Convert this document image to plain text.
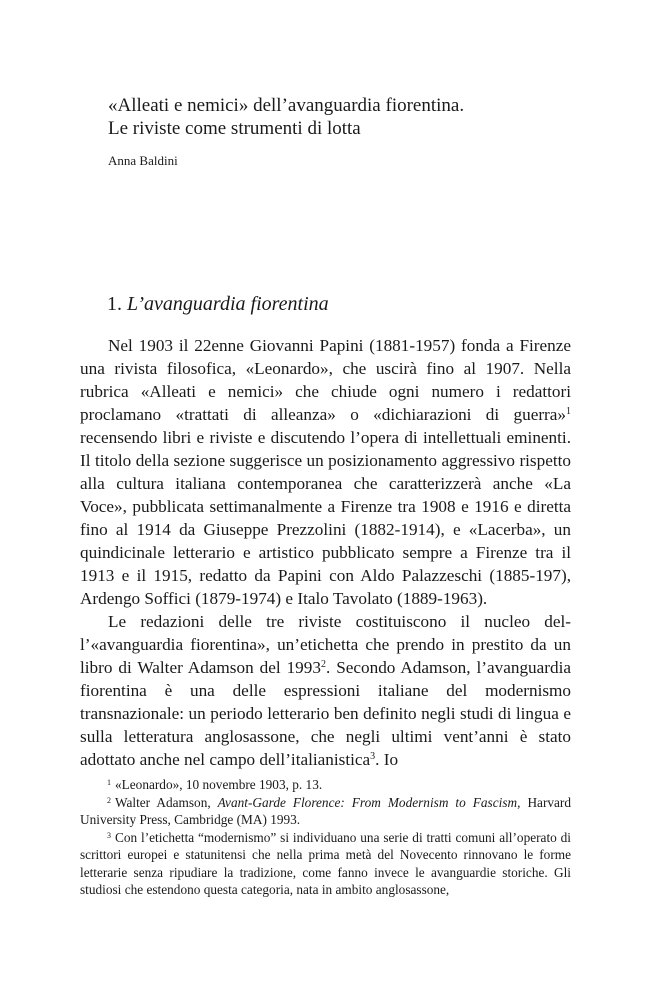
«Alleati e nemici» dell’avanguardia fiorentina.
Le riviste come strumenti di lotta
Anna Baldini
1. L’avanguardia fiorentina

Nel 1903 il 22enne Giovanni Papini (1881-1957) fonda a Firenze una rivista filosofica, «Leonardo», che uscirà fino al 1907. Nella rubrica «Alleati e nemici» che chiude ogni numero i redattori proclamano «trattati di alleanza» o «dichiarazioni di guerra»$^1$ recensendo libri e riviste e discutendo l’opera di intellettuali eminenti. Il titolo della sezione suggerisce un posizionamento aggressivo rispetto alla cultura italiana contemporanea che caratterizzerà anche «La Voce», pubblicata settimanalmente a Firenze tra 1908 e 1916 e diretta fino al 1914 da Giuseppe Prezzolini (1882-1914), e «Lacerba», un quindicinale letterario e artistico pubblicato sempre a Firenze tra il 1913 e il 1915, redatto da Papini con Aldo Palazzeschi (1885-197), Ardengo Soffici (1879-1974) e Italo Tavolato (1889-1963).

Le redazioni delle tre riviste costituiscono il nucleo dell’«avanguardia fiorentina», un’etichetta che prendo in prestito da un libro di Walter Adamson del 1993$^2$. Secondo Adamson, l’avanguardia fiorentina è una delle espressioni italiane del modernismo transnazionale: un periodo letterario ben definito negli studi di lingua e sulla letteratura anglosassone, che negli ultimi vent’anni è stato adottato anche nel campo dell’italianistica$^3$. Io

$^1$ «Leonardo», 10 novembre 1903, p. 13.

$^2$ Walter Adamson, Avant-Garde Florence: From Modernism to Fascism, Harvard University Press, Cambridge (MA) 1993.

$^3$ Con l’etichetta “modernismo” si individuano una serie di tratti comuni all’operato di scrittori europei e statunitensi che nella prima metà del Novecento rinnovano le forme letterarie senza ripudiare la tradizione, come fanno invece le avanguardie storiche. Gli studiosi che estendono questa categoria, nata in ambito anglosassone,
